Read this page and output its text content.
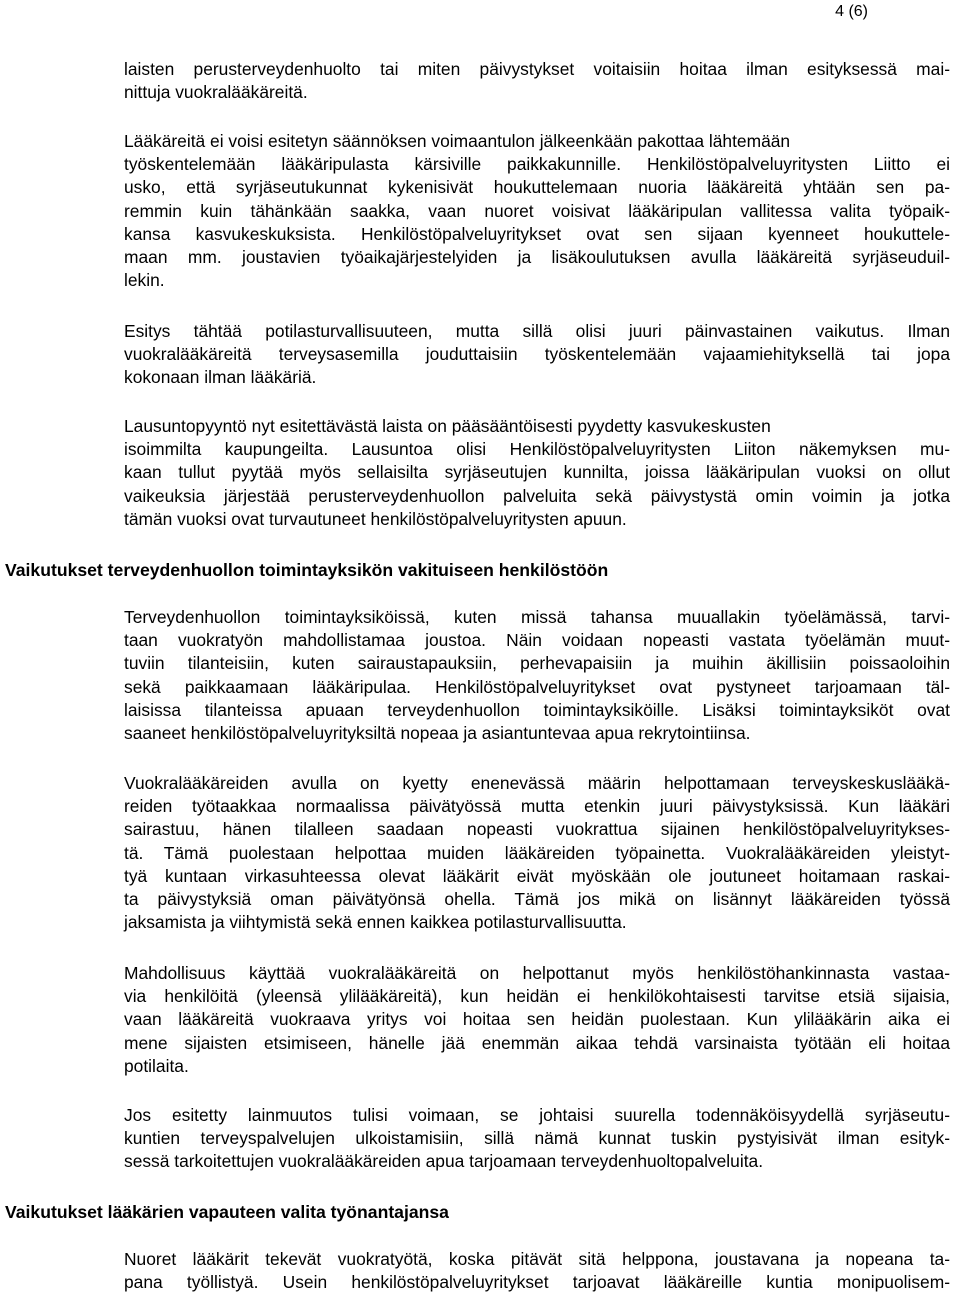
4 (6)
laisten perusterveydenhuolto tai miten päivystykset voitaisiin hoitaa ilman esityksessä mai-
nittuja vuokralääkäreitä.
Lääkäreitä ei voisi esitetyn säännöksen voimaantulon jälkeenkään pakottaa lähtemään
työskentelemään lääkäripulasta kärsiville paikkakunnille. Henkilöstöpalveluyritysten Liitto ei
usko, että syrjäseutukunnat kykenisivät houkuttelemaan nuoria lääkäreitä yhtään sen pa-
remmin kuin tähänkään saakka, vaan nuoret voisivat lääkäripulan vallitessa valita työpaik-
kansa kasvukeskuksista. Henkilöstöpalveluyritykset ovat sen sijaan kyenneet houkuttele-
maan mm. joustavien työaikajärjestelyiden ja lisäkoulutuksen avulla lääkäreitä syrjäseuduil-
lekin.
Esitys tähtää potilasturvallisuuteen, mutta sillä olisi juuri päinvastainen vaikutus. Ilman
vuokralääkäreitä terveysasemilla jouduttaisiin työskentelemään vajaamiehityksellä tai jopa
kokonaan ilman lääkäriä.
Lausuntopyyntö nyt esitettävästä laista on pääsääntöisesti pyydetty kasvukeskusten
isoimmilta kaupungeilta. Lausuntoa olisi Henkilöstöpalveluyritysten Liiton näkemyksen mu-
kaan tullut pyytää myös sellaisilta syrjäseutujen kunnilta, joissa lääkäripulan vuoksi on ollut
vaikeuksia järjestää perusterveydenhuollon palveluita sekä päivystystä omin voimin ja jotka
tämän vuoksi ovat turvautuneet henkilöstöpalveluyritysten apuun.
Vaikutukset terveydenhuollon toimintayksikön vakituiseen henkilöstöön
Terveydenhuollon toimintayksiköissä, kuten missä tahansa muuallakin työelämässä, tarvi-
taan vuokratyön mahdollistamaa joustoa. Näin voidaan nopeasti vastata työelämän muut-
tuviin tilanteisiin, kuten sairaustapauksiin, perhevapaisiin ja muihin äkillisiin poissaoloihin
sekä paikkaamaan lääkäripulaa. Henkilöstöpalveluyritykset ovat pystyneet tarjoamaan täl-
laisissa tilanteissa apuaan terveydenhuollon toimintayksiköille. Lisäksi toimintayksiköt ovat
saaneet henkilöstöpalveluyrityksiltä nopeaa ja asiantuntevaa apua rekrytointiinsa.
Vuokralääkäreiden avulla on kyetty enenevässä määrin helpottamaan terveyskeskuslääkä-
reiden työtaakkaa normaalissa päivätyössä mutta etenkin juuri päivystyksissä. Kun lääkäri
sairastuu, hänen tilalleen saadaan nopeasti vuokrattua sijainen henkilöstöpalveluyritykses-
tä. Tämä puolestaan helpottaa muiden lääkäreiden työpainetta. Vuokralääkäreiden yleistyt-
tyä kuntaan virkasuhteessa olevat lääkärit eivät myöskään ole joutuneet hoitamaan raskai-
ta päivystyksiä oman päivätyönsä ohella. Tämä jos mikä on lisännyt lääkäreiden työssä
jaksamista ja viihtymistä sekä ennen kaikkea potilasturvallisuutta.
Mahdollisuus käyttää vuokralääkäreitä on helpottanut myös henkilöstöhankinnasta vastaa-
via henkilöitä (yleensä ylilääkäreitä), kun heidän ei henkilökohtaisesti tarvitse etsiä sijaisia,
vaan lääkäreitä vuokraava yritys voi hoitaa sen heidän puolestaan. Kun ylilääkärin aika ei
mene sijaisten etsimiseen, hänelle jää enemmän aikaa tehdä varsinaista työtään eli hoitaa
potilaita.
Jos esitetty lainmuutos tulisi voimaan, se johtaisi suurella todennäköisyydellä syrjäseutu-
kuntien terveyspalvelujen ulkoistamisiin, sillä nämä kunnat tuskin pystyisivät ilman esityk-
sessä tarkoitettujen vuokralääkäreiden apua tarjoamaan terveydenhuoltopalveluita.
Vaikutukset lääkärien vapauteen valita työnantajansa
Nuoret lääkärit tekevät vuokratyötä, koska pitävät sitä helppona, joustavana ja nopeana ta-
pana työllistyä. Usein henkilöstöpalveluyritykset tarjoavat lääkäreille kuntia monipuolisem-
